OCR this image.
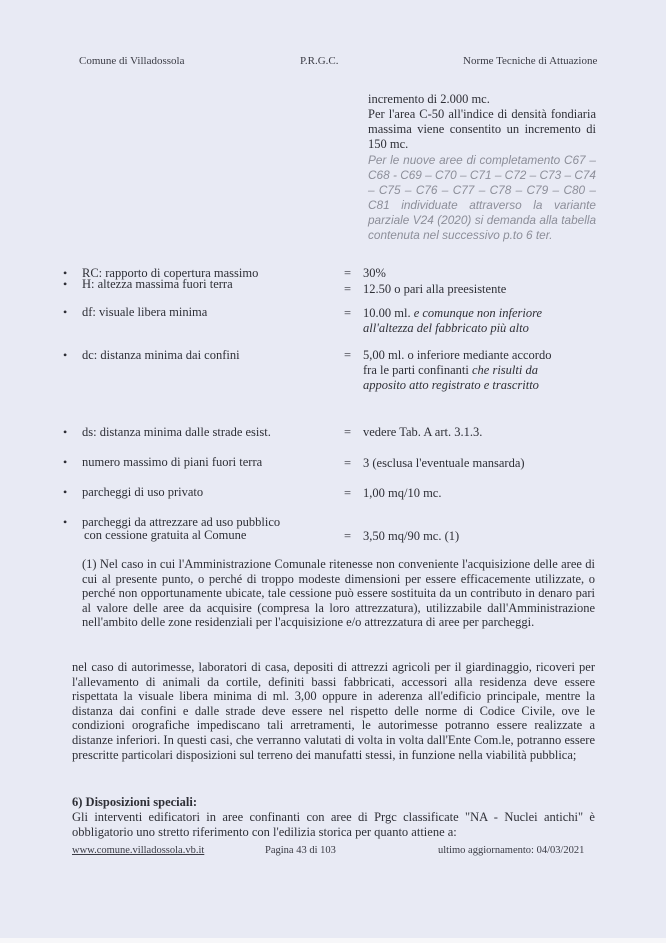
Comune di Villadossola	P.R.G.C.	Norme Tecniche di Attuazione
incremento di 2.000 mc.
Per l'area C-50 all'indice di densità fondiaria massima viene consentito un incremento di 150 mc.
Per le nuove aree di completamento C67 – C68 - C69 – C70 – C71 – C72 – C73 – C74 – C75 – C76 – C77 – C78 – C79 – C80 – C81 individuate attraverso la variante parziale V24 (2020) si demanda alla tabella contenuta nel successivo p.to 6 ter.
• RC: rapporto di copertura massimo	= 30%
• H: altezza massima fuori terra	= 12.50 o pari alla preesistente
• df: visuale libera minima	= 10.00 ml. e comunque non inferiore all'altezza del fabbricato più alto
• dc: distanza minima dai confini	= 5,00 ml. o inferiore mediante accordo fra le parti confinanti che risulti da apposito atto registrato e trascritto
• ds: distanza minima dalle strade esist.	= vedere Tab. A art. 3.1.3.
• numero massimo di piani fuori terra	= 3 (esclusa l'eventuale mansarda)
• parcheggi di uso privato	= 1,00 mq/10 mc.
• parcheggi da attrezzare ad uso pubblico
con cessione gratuita al Comune	= 3,50 mq/90 mc. (1)
(1) Nel caso in cui l'Amministrazione Comunale ritenesse non conveniente l'acquisizione delle aree di cui al presente punto, o perché di troppo modeste dimensioni per essere efficacemente utilizzate, o perché non opportunamente ubicate, tale cessione può essere sostituita da un contributo in denaro pari al valore delle aree da acquisire (compresa la loro attrezzatura), utilizzabile dall'Amministrazione nell'ambito delle zone residenziali per l'acquisizione e/o attrezzatura di aree per parcheggi.
nel caso di autorimesse, laboratori di casa, depositi di attrezzi agricoli per il giardinaggio, ricoveri per l'allevamento di animali da cortile, definiti bassi fabbricati, accessori alla residenza deve essere rispettata la visuale libera minima di ml. 3,00 oppure in aderenza all'edificio principale, mentre la distanza dai confini e dalle strade deve essere nel rispetto delle norme di Codice Civile, ove le condizioni orografiche impediscano tali arretramenti, le autorimesse potranno essere realizzate a distanze inferiori. In questi casi, che verranno valutati di volta in volta dall'Ente Com.le, potranno essere prescritte particolari disposizioni sul terreno dei manufatti stessi, in funzione nella viabilità pubblica;
6) Disposizioni speciali:
Gli interventi edificatori in aree confinanti con aree di Prgc classificate "NA - Nuclei antichi" è obbligatorio uno stretto riferimento con l'edilizia storica per quanto attiene a:
www.comune.villadossola.vb.it	Pagina 43 di 103	ultimo aggiornamento: 04/03/2021
